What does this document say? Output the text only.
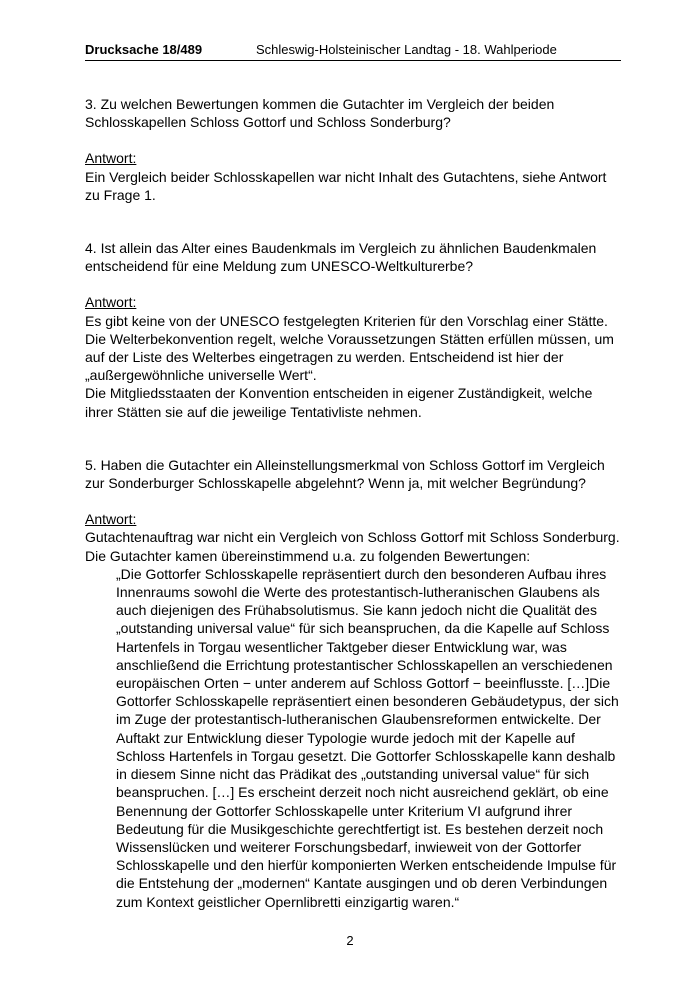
Drucksache 18/489	Schleswig-Holsteinischer Landtag - 18. Wahlperiode

3. Zu welchen Bewertungen kommen die Gutachter im Vergleich der beiden Schlosskapellen Schloss Gottorf und Schloss Sonderburg?

Antwort:

Ein Vergleich beider Schlosskapellen war nicht Inhalt des Gutachtens, siehe Antwort zu Frage 1.

4. Ist allein das Alter eines Baudenkmals im Vergleich zu ähnlichen Baudenkmalen entscheidend für eine Meldung zum UNESCO-Weltkulturerbe?

Antwort:

Es gibt keine von der UNESCO festgelegten Kriterien für den Vorschlag einer Stätte. Die Welterbekonvention regelt, welche Voraussetzungen Stätten erfüllen müssen, um auf der Liste des Welterbes eingetragen zu werden. Entscheidend ist hier der „außergewöhnliche universelle Wert“.

Die Mitgliedsstaaten der Konvention entscheiden in eigener Zuständigkeit, welche ihrer Stätten sie auf die jeweilige Tentativliste nehmen.

5. Haben die Gutachter ein Alleinstellungsmerkmal von Schloss Gottorf im Vergleich zur Sonderburger Schlosskapelle abgelehnt? Wenn ja, mit welcher Begründung?

Antwort:

Gutachtenauftrag war nicht ein Vergleich von Schloss Gottorf mit Schloss Sonderburg. Die Gutachter kamen übereinstimmend u.a. zu folgenden Bewertungen:

„Die Gottorfer Schlosskapelle repräsentiert durch den besonderen Aufbau ihres Innenraums sowohl die Werte des protestantisch-lutheranischen Glaubens als auch diejenigen des Frühabsolutismus. Sie kann jedoch nicht die Qualität des „outstanding universal value“ für sich beanspruchen, da die Kapelle auf Schloss Hartenfels in Torgau wesentlicher Taktgeber dieser Entwicklung war, was anschließend die Errichtung protestantischer Schlosskapellen an verschiedenen europäischen Orten − unter anderem auf Schloss Gottorf − beeinflusste. […]Die Gottorfer Schlosskapelle repräsentiert einen besonderen Gebäudetypus, der sich im Zuge der protestantisch-lutheranischen Glaubensreformen entwickelte. Der Auftakt zur Entwicklung dieser Typologie wurde jedoch mit der Kapelle auf Schloss Hartenfels in Torgau gesetzt. Die Gottorfer Schlosskapelle kann deshalb in diesem Sinne nicht das Prädikat des „outstanding universal value“ für sich beanspruchen. […] Es erscheint derzeit noch nicht ausreichend geklärt, ob eine Benennung der Gottorfer Schlosskapelle unter Kriterium VI aufgrund ihrer Bedeutung für die Musikgeschichte gerechtfertigt ist. Es bestehen derzeit noch Wissenslücken und weiterer Forschungsbedarf, inwieweit von der Gottorfer Schlosskapelle und den hierfür komponierten Werken entscheidende Impulse für die Entstehung der „modernen“ Kantate ausgingen und ob deren Verbindungen zum Kontext geistlicher Opernlibretti einzigartig waren.“

2
